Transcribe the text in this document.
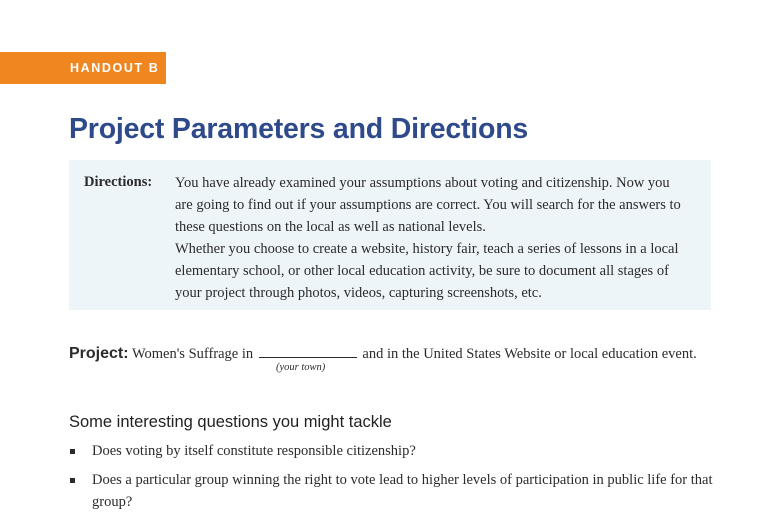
HANDOUT B
Project Parameters and Directions
Directions: You have already examined your assumptions about voting and citizenship. Now you are going to find out if your assumptions are correct. You will search for the answers to these questions on the local as well as national levels.

Whether you choose to create a website, history fair, teach a series of lessons in a local elementary school, or other local education activity, be sure to document all stages of your project through photos, videos, capturing screenshots, etc.

Project: Women's Suffrage in	and in the United States Website or local education event.
(your town)
Some interesting questions you might tackle
Does voting by itself constitute responsible citizenship?
Does a particular group winning the right to vote lead to higher levels of participation in public life for that group?
